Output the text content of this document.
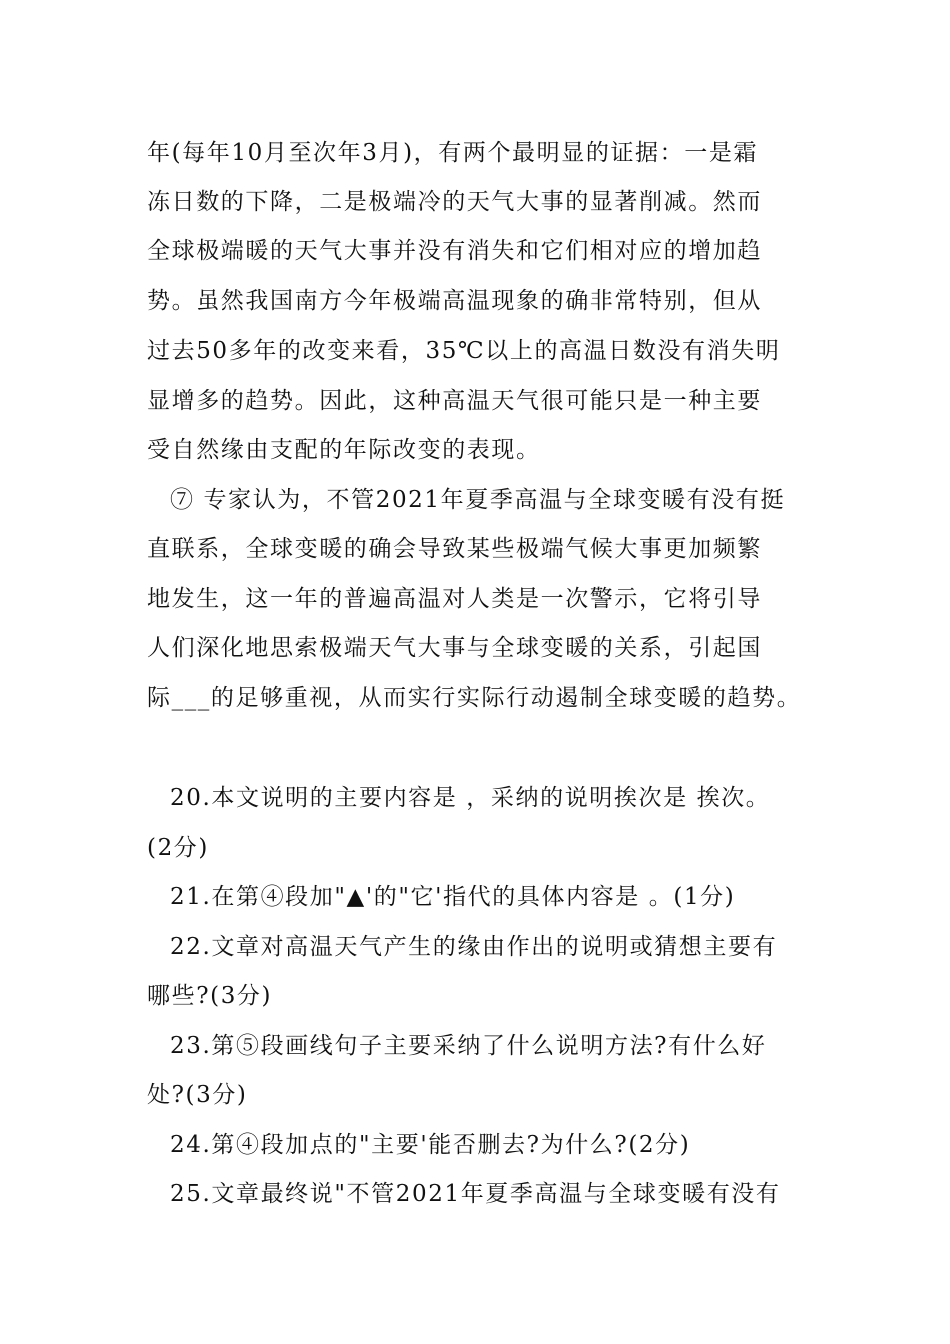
年(每年10月至次年3月)，有两个最明显的证据：一是霜
冻日数的下降，二是极端冷的天气大事的显著削减。然而
全球极端暖的天气大事并没有消失和它们相对应的增加趋
势。虽然我国南方今年极端高温现象的确非常特别，但从
过去50多年的改变来看，35℃以上的高温日数没有消失明
显增多的趋势。因此，这种高温天气很可能只是一种主要
受自然缘由支配的年际改变的表现。
⑦ 专家认为，不管2021年夏季高温与全球变暖有没有挺
直联系，全球变暖的确会导致某些极端气候大事更加频繁
地发生，这一年的普遍高温对人类是一次警示，它将引导
人们深化地思索极端天气大事与全球变暖的关系，引起国
际___的足够重视，从而实行实际行动遏制全球变暖的趋势。
20.本文说明的主要内容是 ，采纳的说明挨次是 挨次。
(2分)
21.在第④段加"▲'的"它'指代的具体内容是 。(1分)
22.文章对高温天气产生的缘由作出的说明或猜想主要有
哪些?(3分)
23.第⑤段画线句子主要采纳了什么说明方法?有什么好
处?(3分)
24.第④段加点的"主要'能否删去?为什么?(2分)
25.文章最终说"不管2021年夏季高温与全球变暖有没有
